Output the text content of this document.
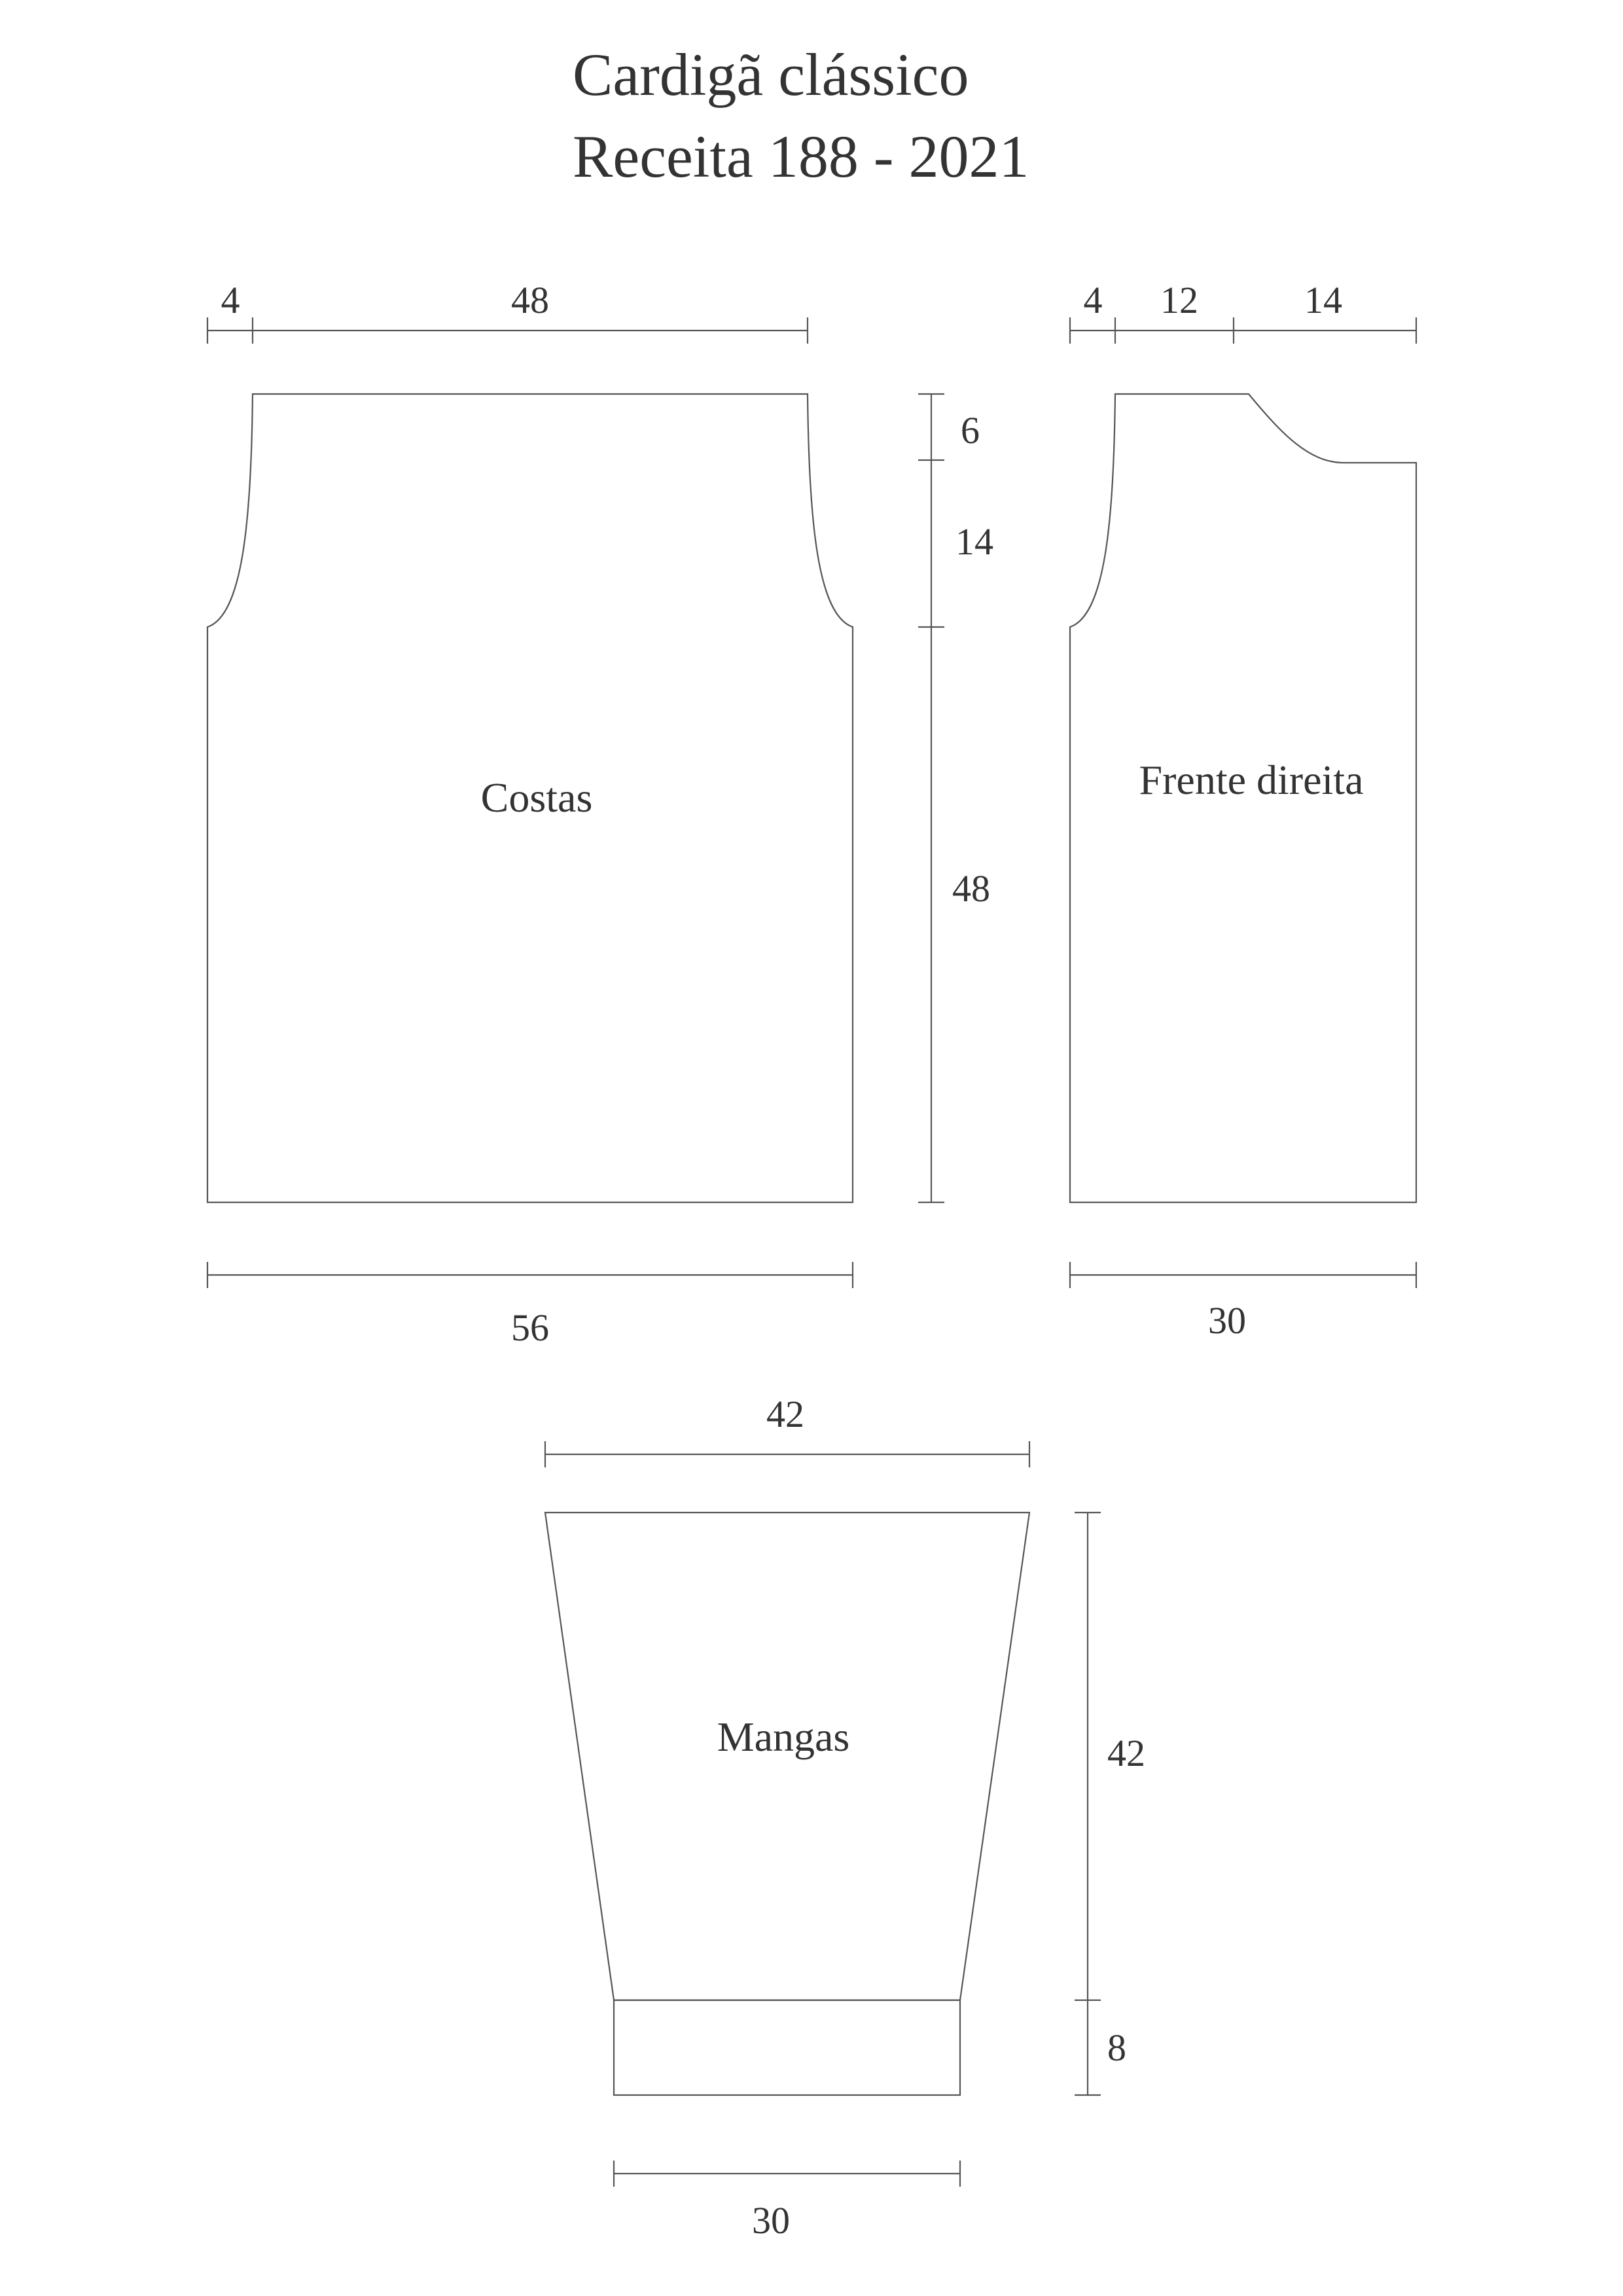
Cardigã clássico
Receita 188 - 2021
Costas
4	48
6
14
48
56
Frente direita
4 12	14
30
Mangas
42
42
8
30
